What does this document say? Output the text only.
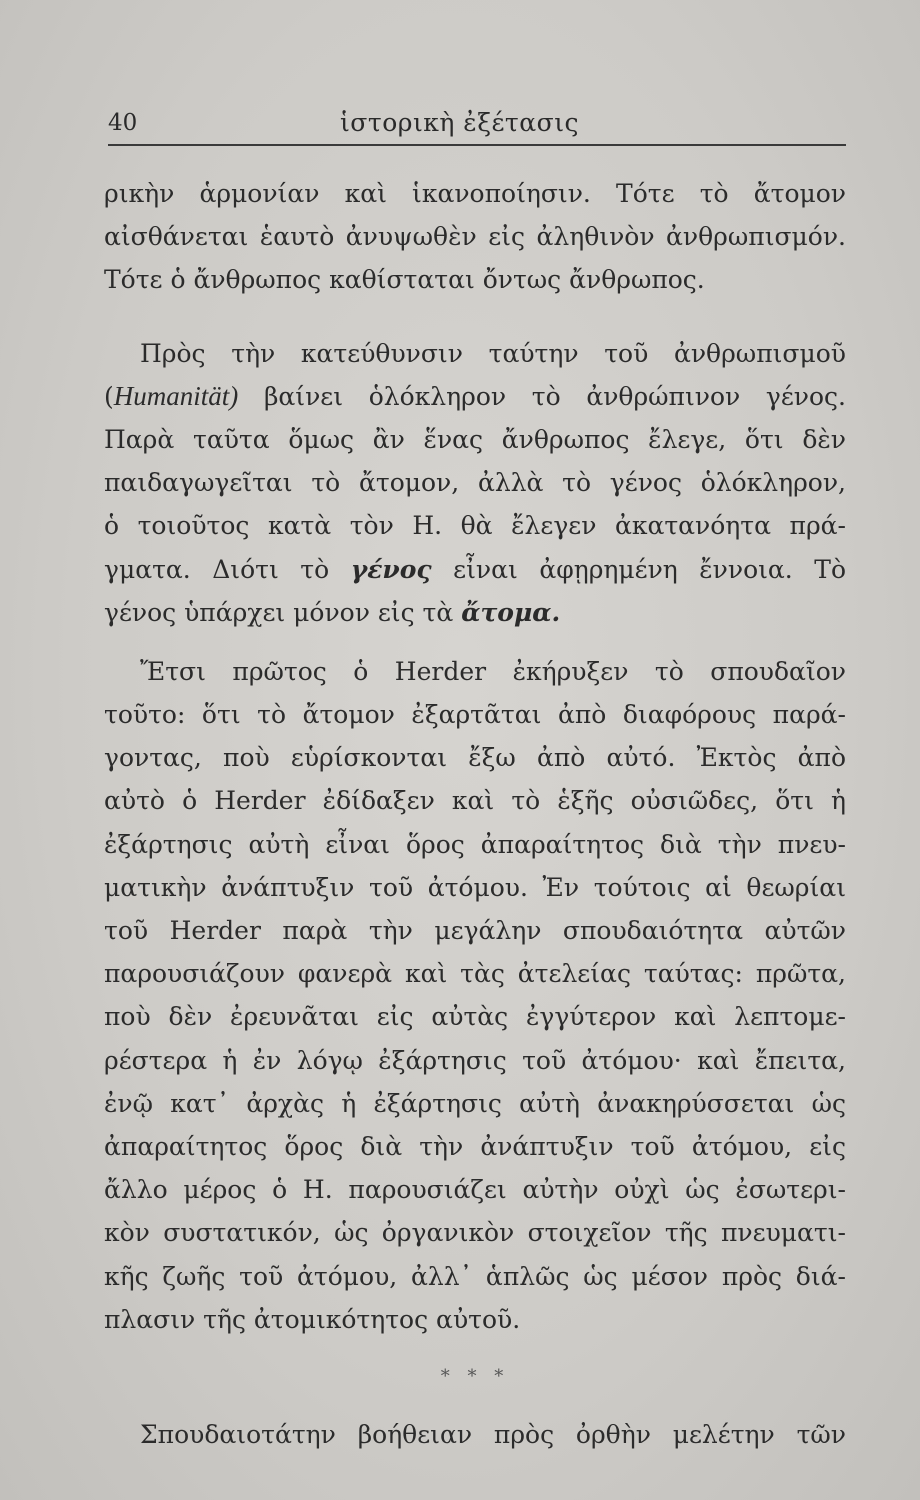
40	ἱστορικὴ ἐξέτασις
ρικὴν ἁρμονίαν καὶ ἱκανοποίησιν. Τότε τὸ ἄτομον
αἰσθάνεται ἑαυτὸ ἀνυψωθὲν εἰς ἀληθινὸν ἀνθρωπισμόν.
Τότε ὁ ἄνθρωπος καθίσταται ὄντως ἄνθρωπος.
Πρὸς τὴν κατεύθυνσιν ταύτην τοῦ ἀνθρωπισμοῦ
(Humanität) βαίνει ὁλόκληρον τὸ ἀνθρώπινον γένος.
Παρὰ ταῦτα ὅμως ἂν ἕνας ἄνθρωπος ἔλεγε, ὅτι δὲν
παιδαγωγεῖται τὸ ἄτομον, ἀλλὰ τὸ γένος ὁλόκληρον,
ὁ τοιοῦτος κατὰ τὸν Η. θὰ ἔλεγεν ἀκατανόητα πρά-
γματα. Διότι τὸ γένος εἶναι ἀφῃρημένη ἔννοια. Τὸ
γένος ὑπάρχει μόνον εἰς τὰ ἄτομα.
Ἔτσι πρῶτος ὁ Herder ἐκήρυξεν τὸ σπουδαῖον
τοῦτο: ὅτι τὸ ἄτομον ἐξαρτᾶται ἀπὸ διαφόρους παρά-
γοντας, ποὺ εὑρίσκονται ἔξω ἀπὸ αὐτό. Ἐκτὸς ἀπὸ
αὐτὸ ὁ Herder ἐδίδαξεν καὶ τὸ ἑξῆς οὐσιῶδες, ὅτι ἡ
ἐξάρτησις αὐτὴ εἶναι ὅρος ἀπαραίτητος διὰ τὴν πνευ-
ματικὴν ἀνάπτυξιν τοῦ ἀτόμου. Ἐν τούτοις αἱ θεωρίαι
τοῦ Herder παρὰ τὴν μεγάλην σπουδαιότητα αὐτῶν
παρουσιάζουν φανερὰ καὶ τὰς ἀτελείας ταύτας: πρῶτα,
ποὺ δὲν ἐρευνᾶται εἰς αὐτὰς ἐγγύτερον καὶ λεπτομε-
ρέστερα ἡ ἐν λόγῳ ἐξάρτησις τοῦ ἀτόμου· καὶ ἔπειτα,
ἐνῷ κατ᾿ ἀρχὰς ἡ ἐξάρτησις αὐτὴ ἀνακηρύσσεται ὡς
ἀπαραίτητος ὅρος διὰ τὴν ἀνάπτυξιν τοῦ ἀτόμου, εἰς
ἄλλο μέρος ὁ Η. παρουσιάζει αὐτὴν οὐχὶ ὡς ἐσωτερι-
κὸν συστατικόν, ὡς ὀργανικὸν στοιχεῖον τῆς πνευματι-
κῆς ζωῆς τοῦ ἀτόμου, ἀλλ᾿ ἁπλῶς ὡς μέσον πρὸς διά-
πλασιν τῆς ἀτομικότητος αὐτοῦ.
* * *
Σπουδαιοτάτην βοήθειαν πρὸς ὀρθὴν μελέτην τῶν
